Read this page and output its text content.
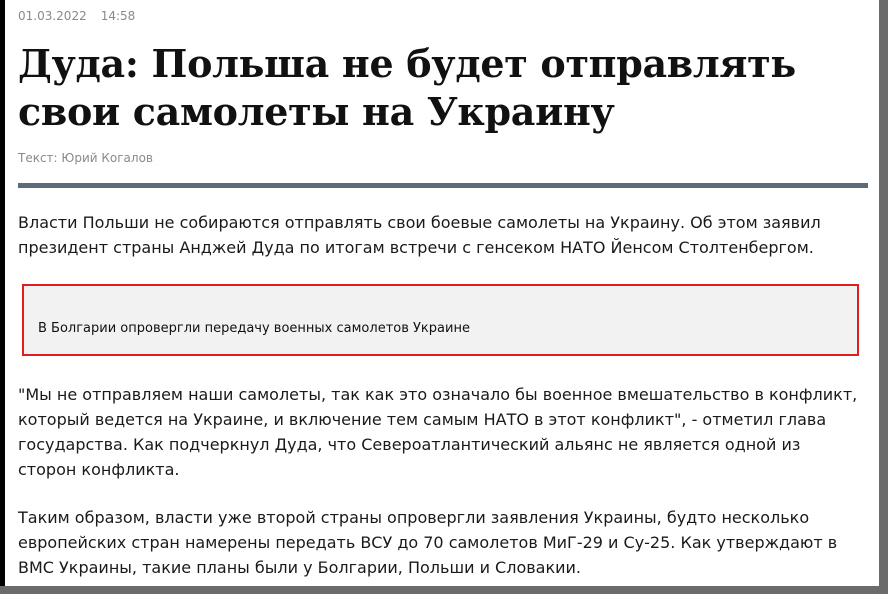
01.03.2022 14:58
Дуда: Польша не будет отправлять свои самолеты на Украину
Текст: Юрий Когалов

Власти Польши не собираются отправлять свои боевые самолеты на Украину. Об этом заявил президент страны Анджей Дуда по итогам встречи с генсеком НАТО Йенсом Столтенбергом.

В Болгарии опровергли передачу военных самолетов Украине

"Мы не отправляем наши самолеты, так как это означало бы военное вмешательство в конфликт, который ведется на Украине, и включение тем самым НАТО в этот конфликт", - отметил глава государства. Как подчеркнул Дуда, что Североатлантический альянс не является одной из сторон конфликта.

Таким образом, власти уже второй страны опровергли заявления Украины, будто несколько европейских стран намерены передать ВСУ до 70 самолетов МиГ-29 и Су-25. Как утверждают в ВМС Украины, такие планы были у Болгарии, Польши и Словакии.
